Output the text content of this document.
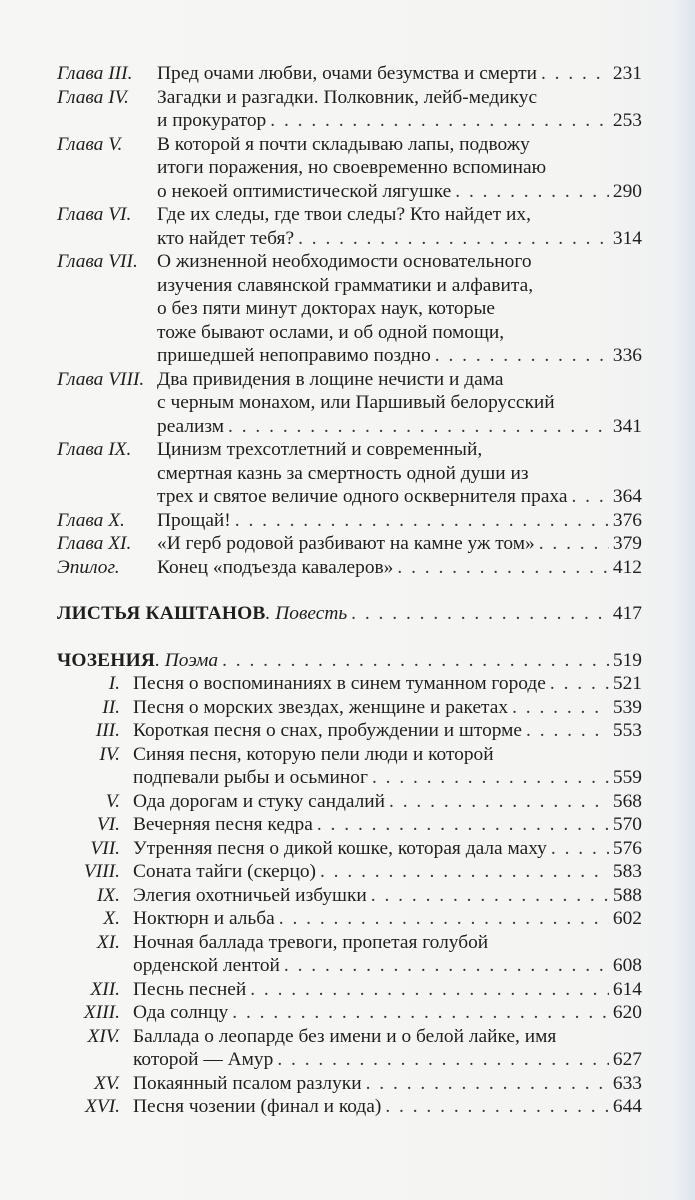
Глава III.	Пред очами любви, очами безумства и смерти . . .	231
Глава IV.	Загадки и разгадки. Полковник, лейб-медикус
и прокуратор . . .	253
Глава V.	В которой я почти складываю лапы, подвожу
итоги поражения, но своевременно вспоминаю
о некоей оптимистической лягушке . . .	290
Глава VI.	Где их следы, где твои следы? Кто найдет их,
кто найдет тебя? . . .	314
Глава VII. О жизненной необходимости основательного
изучения славянской грамматики и алфавита,
о без пяти минут докторах наук, которые
тоже бывают ослами, и об одной помощи,
пришедшей непоправимо поздно . . .	336
Глава VIII. Два привидения в лощине нечисти и дама
с черным монахом, или Паршивый белорусский
реализм . . .	341
Глава IX.	Цинизм трехсотлетний и современный,
смертная казнь за смертность одной души из
трех и святое величие одного осквернителя праха . . . 364
Глава X.	Прощай! . . .	376
Глава XI.	«И герб родовой разбивают на камне уж том» . . .	379
Эпилог.	Конец «подъезда кавалеров» . . .	412
ЛИСТЬЯ КАШТАНОВ . Повесть . . .	417
ЧОЗЕНИЯ . Поэма . . .	519
I. Песня о воспоминаниях в синем туманном городе . . .	521
II. Песня о морских звездах, женщине и ракетах . . .	539
III. Короткая песня о снах, пробуждении и шторме . . .	553
IV. Синяя песня, которую пели люди и которой
подпевали рыбы и осьминог . . .	559
V. Ода дорогам и стуку сандалий . . .	568
VI. Вечерняя песня кедра . . .	570
VII. Утренняя песня о дикой кошке, которая дала маху . . .	576
VIII. Соната тайги (скерцо) . . .	583
IX. Элегия охотничьей избушки . . .	588
X. Ноктюрн и альба . . .	602
XI. Ночная баллада тревоги, пропетая голубой
орденской лентой . . .	608
XII. Песнь песней . . .	614
XIII. Ода солнцу . . .	620
XIV. Баллада о леопарде без имени и о белой лайке, имя
которой — Амур . . .	627
XV. Покаянный псалом разлуки . . .	633
XVI. Песня чозении (финал и кода) . . .	644
